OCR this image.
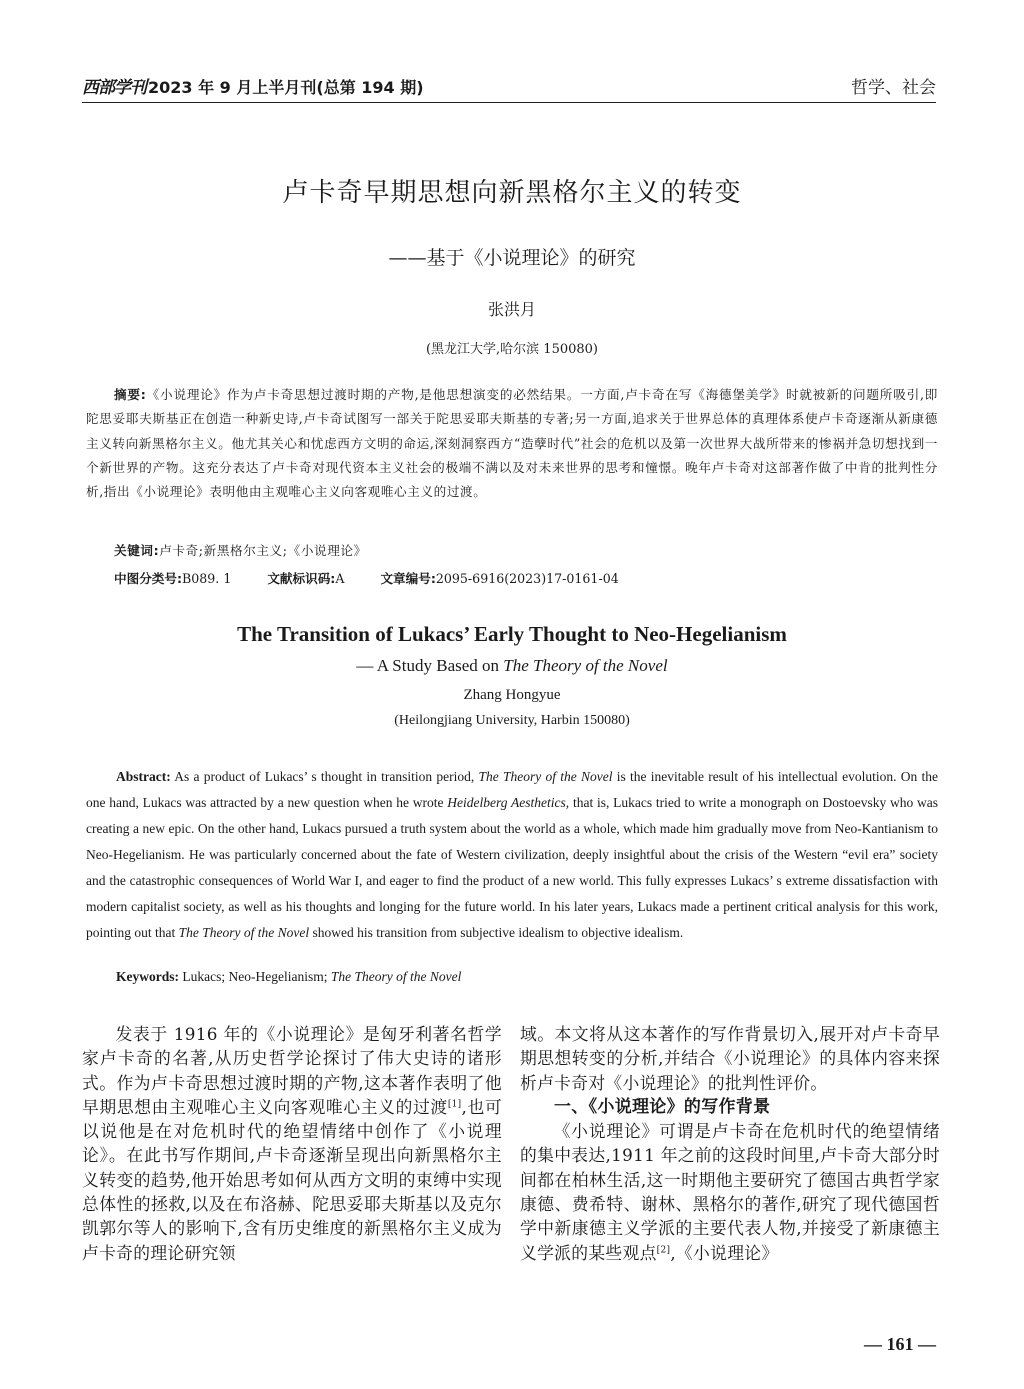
西部学刊 2023 年 9 月上半月刊(总第 194 期)	哲学、社会
卢卡奇早期思想向新黑格尔主义的转变
——基于《小说理论》的研究
张洪月
(黑龙江大学,哈尔滨 150080)
摘要:《小说理论》作为卢卡奇思想过渡时期的产物,是他思想演变的必然结果。一方面,卢卡奇在写《海德堡美学》时就被新的问题所吸引,即陀思妥耶夫斯基正在创造一种新史诗,卢卡奇试图写一部关于陀思妥耶夫斯基的专著;另一方面,追求关于世界总体的真理体系使卢卡奇逐渐从新康德主义转向新黑格尔主义。他尤其关心和忧虑西方文明的命运,深刻洞察西方“造孽时代”社会的危机以及第一次世界大战所带来的惨祸并急切想找到一个新世界的产物。这充分表达了卢卡奇对现代资本主义社会的极端不满以及对未来世界的思考和憧憬。晚年卢卡奇对这部著作做了中肯的批判性分析,指出《小说理论》表明他由主观唯心主义向客观唯心主义的过渡。
关键词:卢卡奇;新黑格尔主义;《小说理论》
中图分类号:B089. 1	文献标识码:A	文章编号:2095-6916(2023)17-0161-04
The Transition of Lukacs’ Early Thought to Neo-Hegelianism
— A Study Based on The Theory of the Novel
Zhang Hongyue
(Heilongjiang University, Harbin 150080)
Abstract: As a product of Lukacs’ s thought in transition period, The Theory of the Novel is the inevitable result of his intellectual evolution. On the one hand, Lukacs was attracted by a new question when he wrote Heidelberg Aesthetics, that is, Lukacs tried to write a monograph on Dostoevsky who was creating a new epic. On the other hand, Lukacs pursued a truth system about the world as a whole, which made him gradually move from Neo-Kantianism to Neo-Hegelianism. He was particularly concerned about the fate of Western civilization, deeply insightful about the crisis of the Western “evil era” society and the catastrophic consequences of World War I, and eager to find the product of a new world. This fully expresses Lukacs’ s extreme dissatisfaction with modern capitalist society, as well as his thoughts and longing for the future world. In his later years, Lukacs made a pertinent critical analysis for this work, pointing out that The Theory of the Novel showed his transition from subjective idealism to objective idealism.
Keywords: Lukacs; Neo-Hegelianism; The Theory of the Novel

发表于 1916 年的《小说理论》是匈牙利著名哲学家卢卡奇的名著,从历史哲学论探讨了伟大史诗的诸形式。作为卢卡奇思想过渡时期的产物,这本著作表明了他早期思想由主观唯心主义向客观唯心主义的过渡[1],也可以说他是在对危机时代的绝望情绪中创作了《小说理论》。在此书写作期间,卢卡奇逐渐呈现出向新黑格尔主义转变的趋势,他开始思考如何从西方文明的束缚中实现总体性的拯救,以及在布洛赫、陀思妥耶夫斯基以及克尔凯郭尔等人的影响下,含有历史维度的新黑格尔主义成为卢卡奇的理论研究领

域。本文将从这本著作的写作背景切入,展开对卢卡奇早期思想转变的分析,并结合《小说理论》的具体内容来探析卢卡奇对《小说理论》的批判性评价。

一、《小说理论》的写作背景

《小说理论》可谓是卢卡奇在危机时代的绝望情绪的集中表达,1911 年之前的这段时间里,卢卡奇大部分时间都在柏林生活,这一时期他主要研究了德国古典哲学家康德、费希特、谢林、黑格尔的著作,研究了现代德国哲学中新康德主义学派的主要代表人物,并接受了新康德主义学派的某些观点[2],《小说理论》

— 161 —
